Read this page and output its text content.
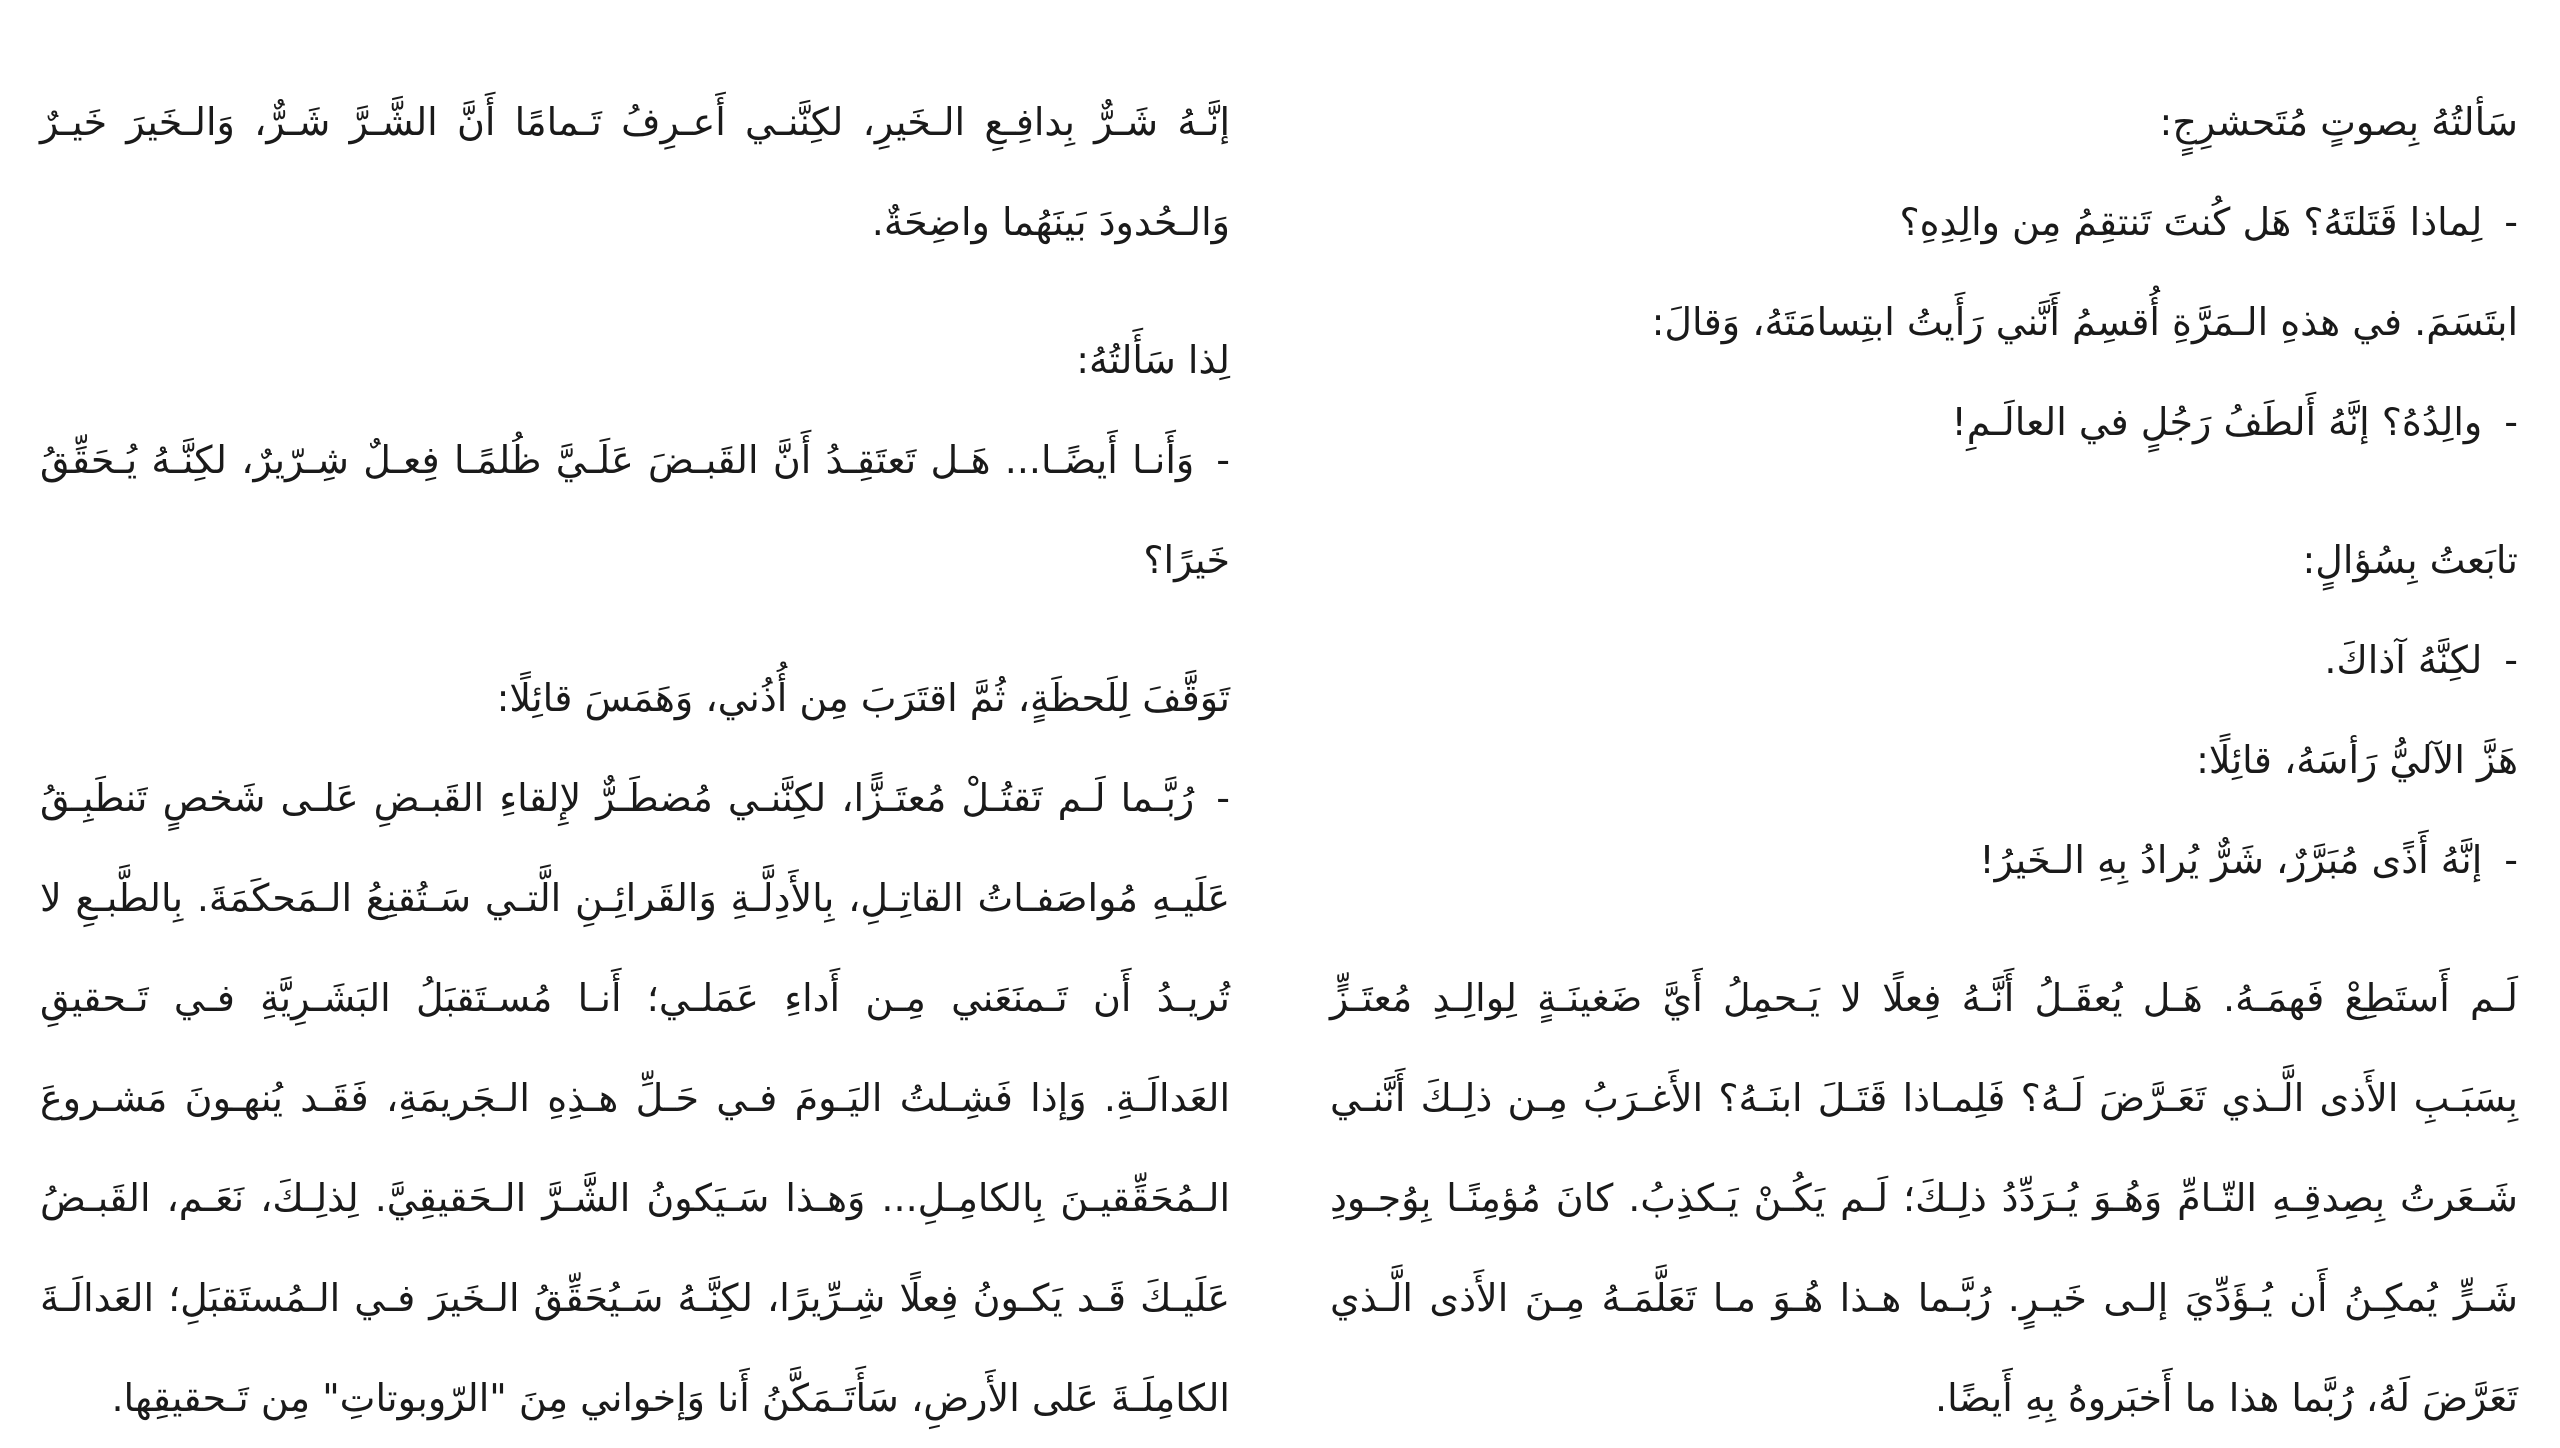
سَألتُهُ بِصوتٍ مُتَحشرِجٍ:

-لِماذا قَتَلتَهُ؟ هَل كُنتَ تَنتقِمُ مِن والِدِهِ؟

ابتَسَمَ. في هذهِ الـمَرَّةِ أُقسِمُ أَنَّني رَأَيتُ ابتِسامَتَهُ، وَقالَ:

-والِدُهُ؟ إنَّهُ أَلطَفُ رَجُلٍ في العالَـمِ!

تابَعتُ بِسُؤالٍ:

-لكِنَّهُ آذاكَ.

هَزَّ الآليُّ رَأسَهُ، قائِلًا:

-إنَّهُ أَذًى مُبَرَّرٌ، شَرٌّ يُرادُ بِهِ الـخَيرُ!

لَـم أَستَطِعْ فَهمَـهُ. هَـل يُعقَـلُ أَنَّـهُ فِعلًا لا يَـحمِلُ أَيَّ ضَغينَـةٍ لِوالِـدِ مُعتَـزٍّ بِسَبَـبِ الأَذى الَّـذي تَعَـرَّضَ لَـهُ؟ فَلِمـاذا قَتَـلَ ابنَـهُ؟ الأَغـرَبُ مِـن ذلِـكَ أَنَّنـي شَـعَرتُ بِصِدقِـهِ التّـامِّ وَهُـوَ يُـرَدِّدُ ذلِـكَ؛ لَـم يَكُـنْ يَـكذِبُ. كانَ مُؤمِنًـا بِوُجـودِ شَـرٍّ يُمكِـنُ أَن يُـؤَدِّيَ إلـى خَيـرٍ. رُبَّـما هـذا هُـوَ مـا تَعَلَّمَـهُ مِـنَ الأَذى الَّـذي تَعَرَّضَ لَهُ، رُبَّما هذا ما أَخبَروهُ بِهِ أَيضًا.

إنَّـهُ شَـرٌّ بِدافِـعِ الـخَيرِ، لكِنَّنـي أَعـرِفُ تَـمامًا أَنَّ الشَّـرَّ شَـرٌّ، وَالـخَيرَ خَيـرٌ وَالـحُدودَ بَينَهُما واضِحَةٌ.

لِذا سَأَلتُهُ:

-وَأَنـا أَيضًـا... هَـل تَعتَقِـدُ أَنَّ القَبـضَ عَلَـيَّ ظُلمًـا فِعـلٌ شِـرّيرٌ، لكِنَّـهُ يُـحَقِّقُ خَيرًا؟

تَوَقَّفَ لِلَحظَةٍ، ثُمَّ اقتَرَبَ مِن أُذُني، وَهَمَسَ قائِلًا:

-رُبَّـما لَـم تَقتُـلْ مُعتَـزًّا، لكِنَّنـي مُضطَـرٌّ لإِلقاءِ القَبـضِ عَلـى شَخصٍ تَنطَبِـقُ عَلَيـهِ مُواصَفـاتُ القاتِـلِ، بِالأَدِلَّـةِ وَالقَرائِـنِ الَّتـي سَـتُقنِعُ الـمَحكَمَةَ. بِالطَّبـعِ لا تُريـدُ أَن تَـمنَعَني مِـن أَداءِ عَمَلـي؛ أَنـا مُسـتَقبَلُ البَشَـرِيَّةِ فـي تَـحقيقِ العَدالَـةِ. وَإذا فَشِـلتُ اليَـومَ فـي حَـلِّ هـذِهِ الـجَريمَةِ، فَقَـد يُنهـونَ مَشـروعَ الـمُحَقِّقيـنَ بِالكامِـلِ... وَهـذا سَـيَكونُ الشَّـرَّ الـحَقيقِيَّ. لِذلِـكَ، نَعَـم، القَبـضُ عَلَيـكَ قَـد يَكـونُ فِعلًا شِـرِّيرًا، لكِنَّـهُ سَـيُحَقِّقُ الـخَيرَ فـي الـمُستَقبَلِ؛ العَدالَـةَ الكامِلَـةَ عَلى الأَرضِ، سَأَتَـمَكَّنُ أَنا وَإخواني مِنَ "الرّوبوتاتِ" مِن تَـحقيقِها.
